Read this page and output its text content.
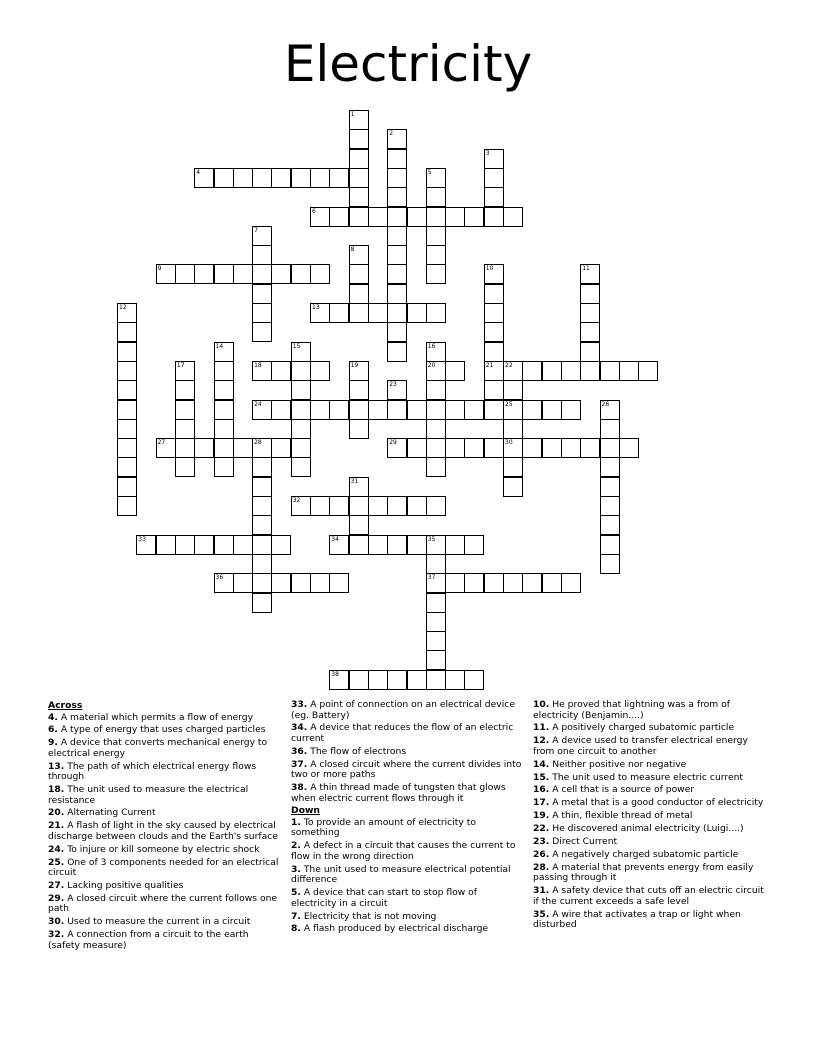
Electricity
1
2
3
4	5
6
7
8
9	10	11
12	13
14	15	16
17	18	19	20	21 22
23
24	25	26
27	28	29	30
31
32
33	34	35
36	37
38
Across
4. A material which permits a flow of energy
6. A type of energy that uses charged particles
9. A device that converts mechanical energy to electrical energy
13. The path of which electrical energy flows through
18. The unit used to measure the electrical resistance
20. Alternating Current
21. A flash of light in the sky caused by electrical discharge between clouds and the Earth's surface
24. To injure or kill someone by electric shock
25. One of 3 components needed for an electrical circuit
27. Lacking positive qualities
29. A closed circuit where the current follows one path
30. Used to measure the current in a circuit
32. A connection from a circuit to the earth (safety measure)
33. A point of connection on an electrical device (eg. Battery)
34. A device that reduces the flow of an electric current
36. The flow of electrons
37. A closed circuit where the current divides into two or more paths
38. A thin thread made of tungsten that glows when electric current flows through it
Down
1. To provide an amount of electricity to something
2. A defect in a circuit that causes the current to flow in the wrong direction
3. The unit used to measure electrical potential difference
5. A device that can start to stop flow of electricity in a circuit
7. Electricity that is not moving
8. A flash produced by electrical discharge
10. He proved that lightning was a from of electricity (Benjamin....)
11. A positively charged subatomic particle
12. A device used to transfer electrical energy from one circuit to another
14. Neither positive nor negative
15. The unit used to measure electric current
16. A cell that is a source of power
17. A metal that is a good conductor of electricity
19. A thin, flexible thread of metal
22. He discovered animal electricity (Luigi....)
23. Direct Current
26. A negatively charged subatomic particle
28. A material that prevents energy from easily passing through it
31. A safety device that cuts off an electric circuit if the current exceeds a safe level
35. A wire that activates a trap or light when disturbed
